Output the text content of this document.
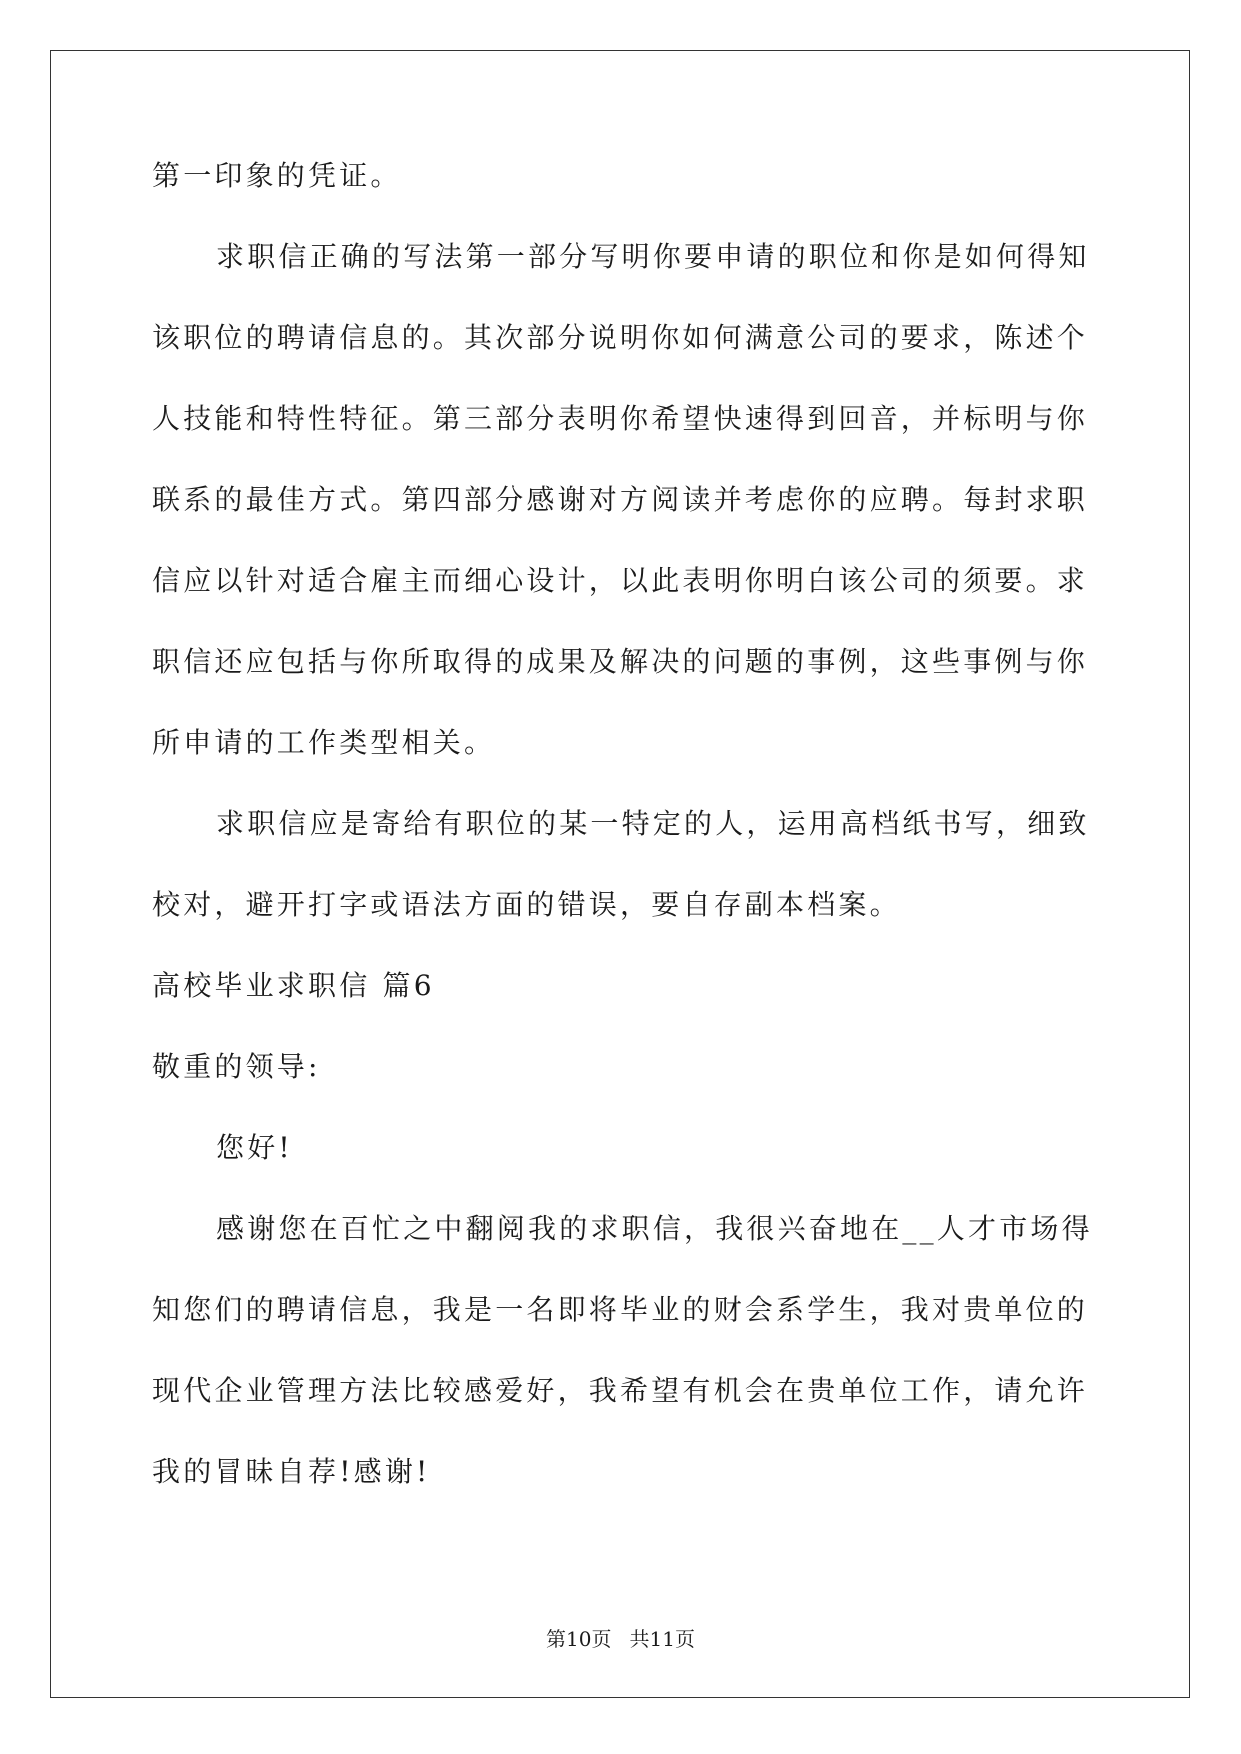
第一印象的凭证。
求职信正确的写法第一部分写明你要申请的职位和你是如何得知
该职位的聘请信息的。其次部分说明你如何满意公司的要求，陈述个
人技能和特性特征。第三部分表明你希望快速得到回音，并标明与你
联系的最佳方式。第四部分感谢对方阅读并考虑你的应聘。每封求职
信应以针对适合雇主而细心设计，以此表明你明白该公司的须要。求
职信还应包括与你所取得的成果及解决的问题的事例，这些事例与你
所申请的工作类型相关。
求职信应是寄给有职位的某一特定的人，运用高档纸书写，细致
校对，避开打字或语法方面的错误，要自存副本档案。
高校毕业求职信 篇6
敬重的领导:
您好!
感谢您在百忙之中翻阅我的求职信，我很兴奋地在__人才市场得
知您们的聘请信息，我是一名即将毕业的财会系学生，我对贵单位的
现代企业管理方法比较感爱好，我希望有机会在贵单位工作，请允许
我的冒昧自荐!感谢!
第10页 共11页
